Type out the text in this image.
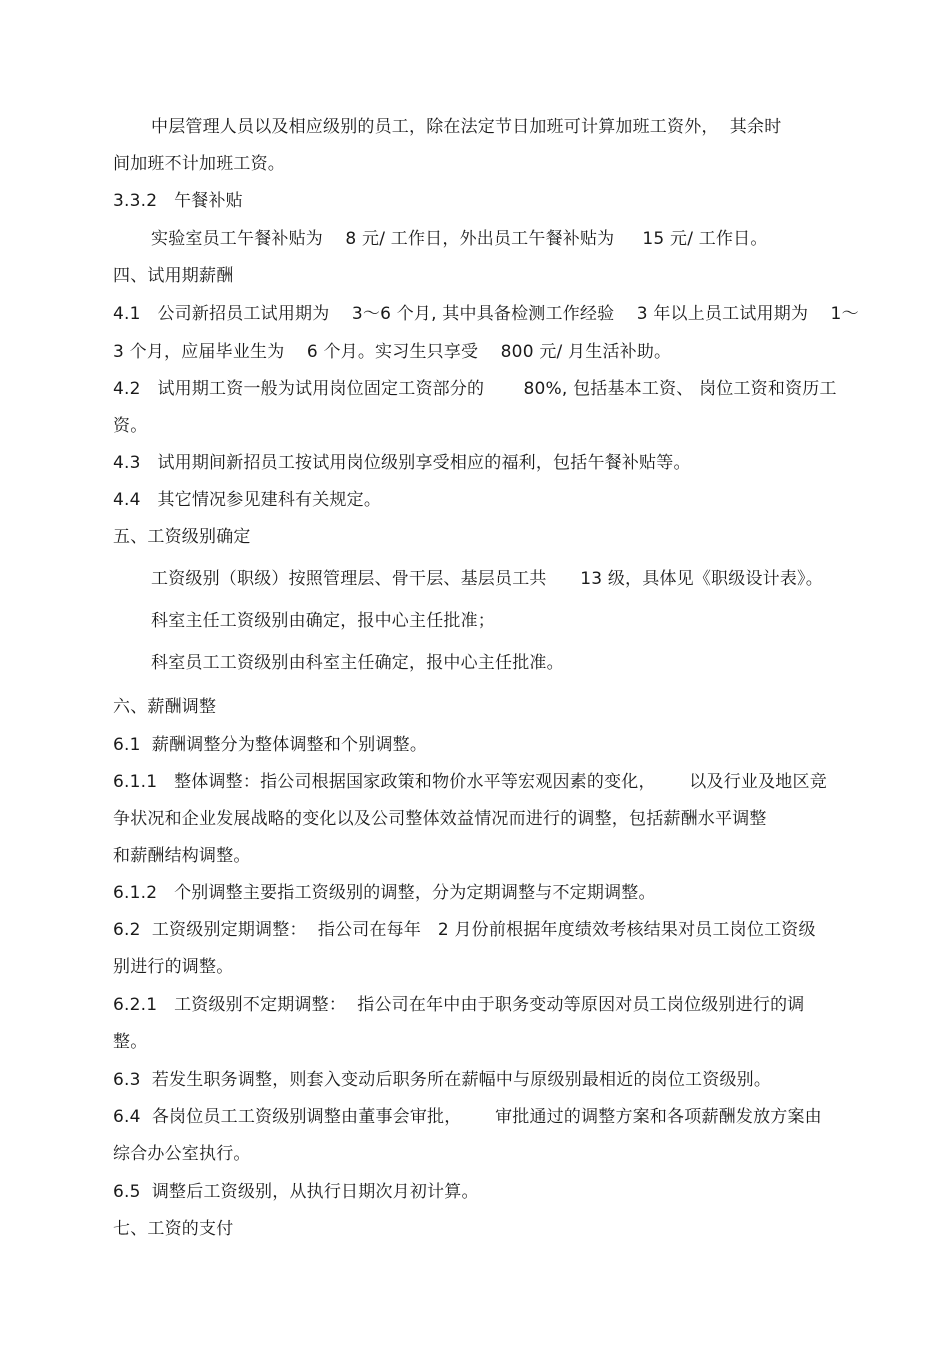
中层管理人员以及相应级别的员工，除在法定节日加班可计算加班工资外，  其余时
间加班不计加班工资。
3.3.2   午餐补贴
实验室员工午餐补贴为    8 元/ 工作日，外出员工午餐补贴为     15 元/ 工作日。
四、试用期薪酬
4.1   公司新招员工试用期为    3～6 个月, 其中具备检测工作经验    3 年以上员工试用期为    1～
3 个月，应届毕业生为    6 个月。实习生只享受    800 元/ 月生活补助。
4.2   试用期工资一般为试用岗位固定工资部分的       80%, 包括基本工资、 岗位工资和资历工
资。
4.3   试用期间新招员工按试用岗位级别享受相应的福利，包括午餐补贴等。
4.4   其它情况参见建科有关规定。
五、工资级别确定
工资级别（职级）按照管理层、骨干层、基层员工共      13 级，具体见《职级设计表》。
科室主任工资级别由确定，报中心主任批准；
科室员工工资级别由科室主任确定，报中心主任批准。
六、薪酬调整
6.1  薪酬调整分为整体调整和个别调整。
6.1.1   整体调整：指公司根据国家政策和物价水平等宏观因素的变化，      以及行业及地区竞
争状况和企业发展战略的变化以及公司整体效益情况而进行的调整，包括薪酬水平调整
和薪酬结构调整。
6.1.2   个别调整主要指工资级别的调整，分为定期调整与不定期调整。
6.2  工资级别定期调整：  指公司在每年   2 月份前根据年度绩效考核结果对员工岗位工资级
别进行的调整。
6.2.1   工资级别不定期调整：  指公司在年中由于职务变动等原因对员工岗位级别进行的调
整。
6.3  若发生职务调整，则套入变动后职务所在薪幅中与原级别最相近的岗位工资级别。
6.4  各岗位员工工资级别调整由董事会审批，      审批通过的调整方案和各项薪酬发放方案由
综合办公室执行。
6.5  调整后工资级别，从执行日期次月初计算。
七、工资的支付
